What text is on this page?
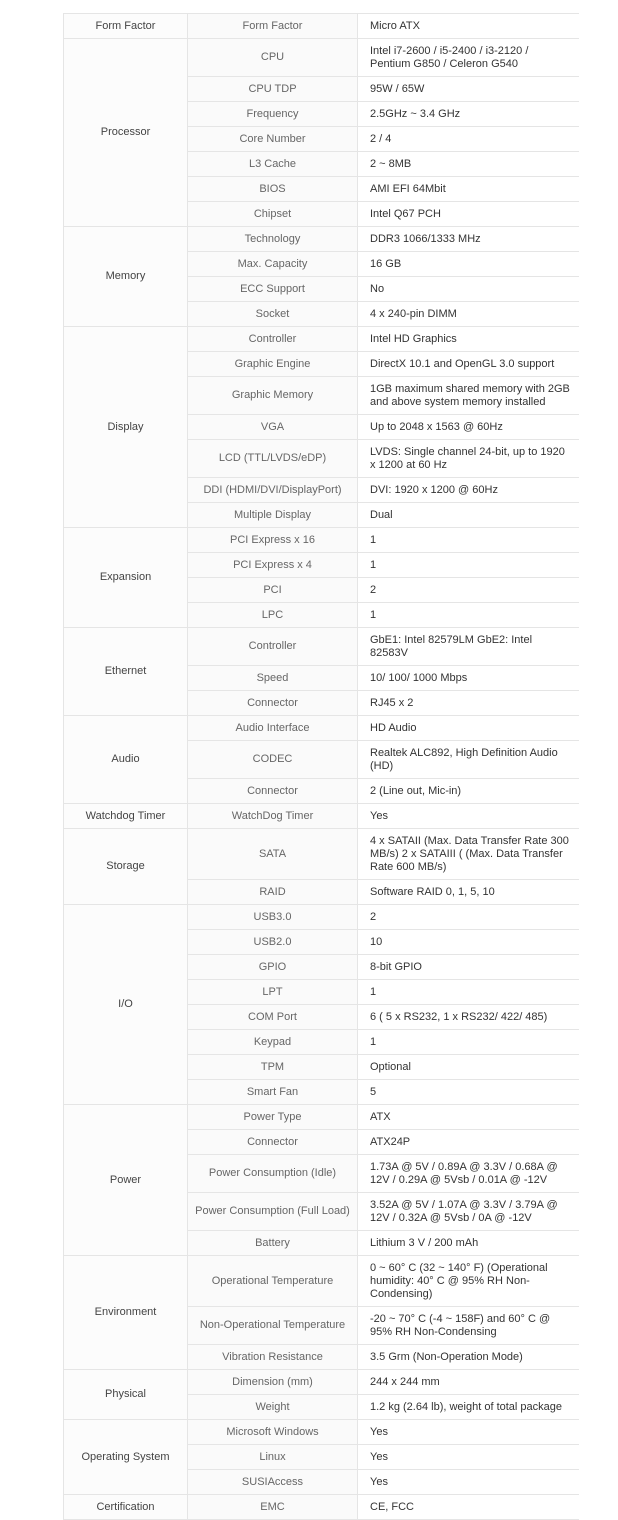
Form Factor	Form Factor	Micro ATX
Processor	CPU	Intel i7-2600 / i5-2400 / i3-2120 / Pentium G850 / Celeron G540
	CPU TDP	95W / 65W
	Frequency	2.5GHz ~ 3.4 GHz
	Core Number	2 / 4
	L3 Cache	2 ~ 8MB
	BIOS	AMI EFI 64Mbit
	Chipset	Intel Q67 PCH
Memory	Technology	DDR3 1066/1333 MHz
	Max. Capacity	16 GB
	ECC Support	No
	Socket	4 x 240-pin DIMM
Display	Controller	Intel HD Graphics
	Graphic Engine	DirectX 10.1 and OpenGL 3.0 support
	Graphic Memory	1GB maximum shared memory with 2GB and above system memory installed
	VGA	Up to 2048 x 1563 @ 60Hz
	LCD (TTL/LVDS/eDP)	LVDS: Single channel 24-bit, up to 1920 x 1200 at 60 Hz
	DDI (HDMI/DVI/DisplayPort)	DVI: 1920 x 1200 @ 60Hz
	Multiple Display	Dual
Expansion	PCI Express x 16	1
	PCI Express x 4	1
	PCI	2
	LPC	1
Ethernet	Controller	GbE1: Intel 82579LM GbE2: Intel 82583V
	Speed	10/ 100/ 1000 Mbps
	Connector	RJ45 x 2
Audio	Audio Interface	HD Audio
	CODEC	Realtek ALC892, High Definition Audio (HD)
	Connector	2 (Line out, Mic-in)
Watchdog Timer	WatchDog Timer	Yes
Storage	SATA	4 x SATAII (Max. Data Transfer Rate 300 MB/s) 2 x SATAIII ( (Max. Data Transfer Rate 600 MB/s)
	RAID	Software RAID 0, 1, 5, 10
I/O	USB3.0	2
	USB2.0	10
	GPIO	8-bit GPIO
	LPT	1
	COM Port	6 ( 5 x RS232, 1 x RS232/ 422/ 485)
	Keypad	1
	TPM	Optional
	Smart Fan	5
Power	Power Type	ATX
	Connector	ATX24P
	Power Consumption (Idle)	1.73A @ 5V / 0.89A @ 3.3V / 0.68A @ 12V / 0.29A @ 5Vsb / 0.01A @ -12V
	Power Consumption (Full Load)	3.52A @ 5V / 1.07A @ 3.3V / 3.79A @ 12V / 0.32A @ 5Vsb / 0A @ -12V
	Battery	Lithium 3 V / 200 mAh
Environment	Operational Temperature	0 ~ 60° C (32 ~ 140° F) (Operational humidity: 40° C @ 95% RH Non-Condensing)
	Non-Operational Temperature	-20 ~ 70° C (-4 ~ 158F) and 60° C @ 95% RH Non-Condensing
	Vibration Resistance	3.5 Grm (Non-Operation Mode)
Physical	Dimension (mm)	244 x 244 mm
	Weight	1.2 kg (2.64 lb), weight of total package
Operating System	Microsoft Windows	Yes
	Linux	Yes
	SUSIAccess	Yes
Certification	EMC	CE, FCC
